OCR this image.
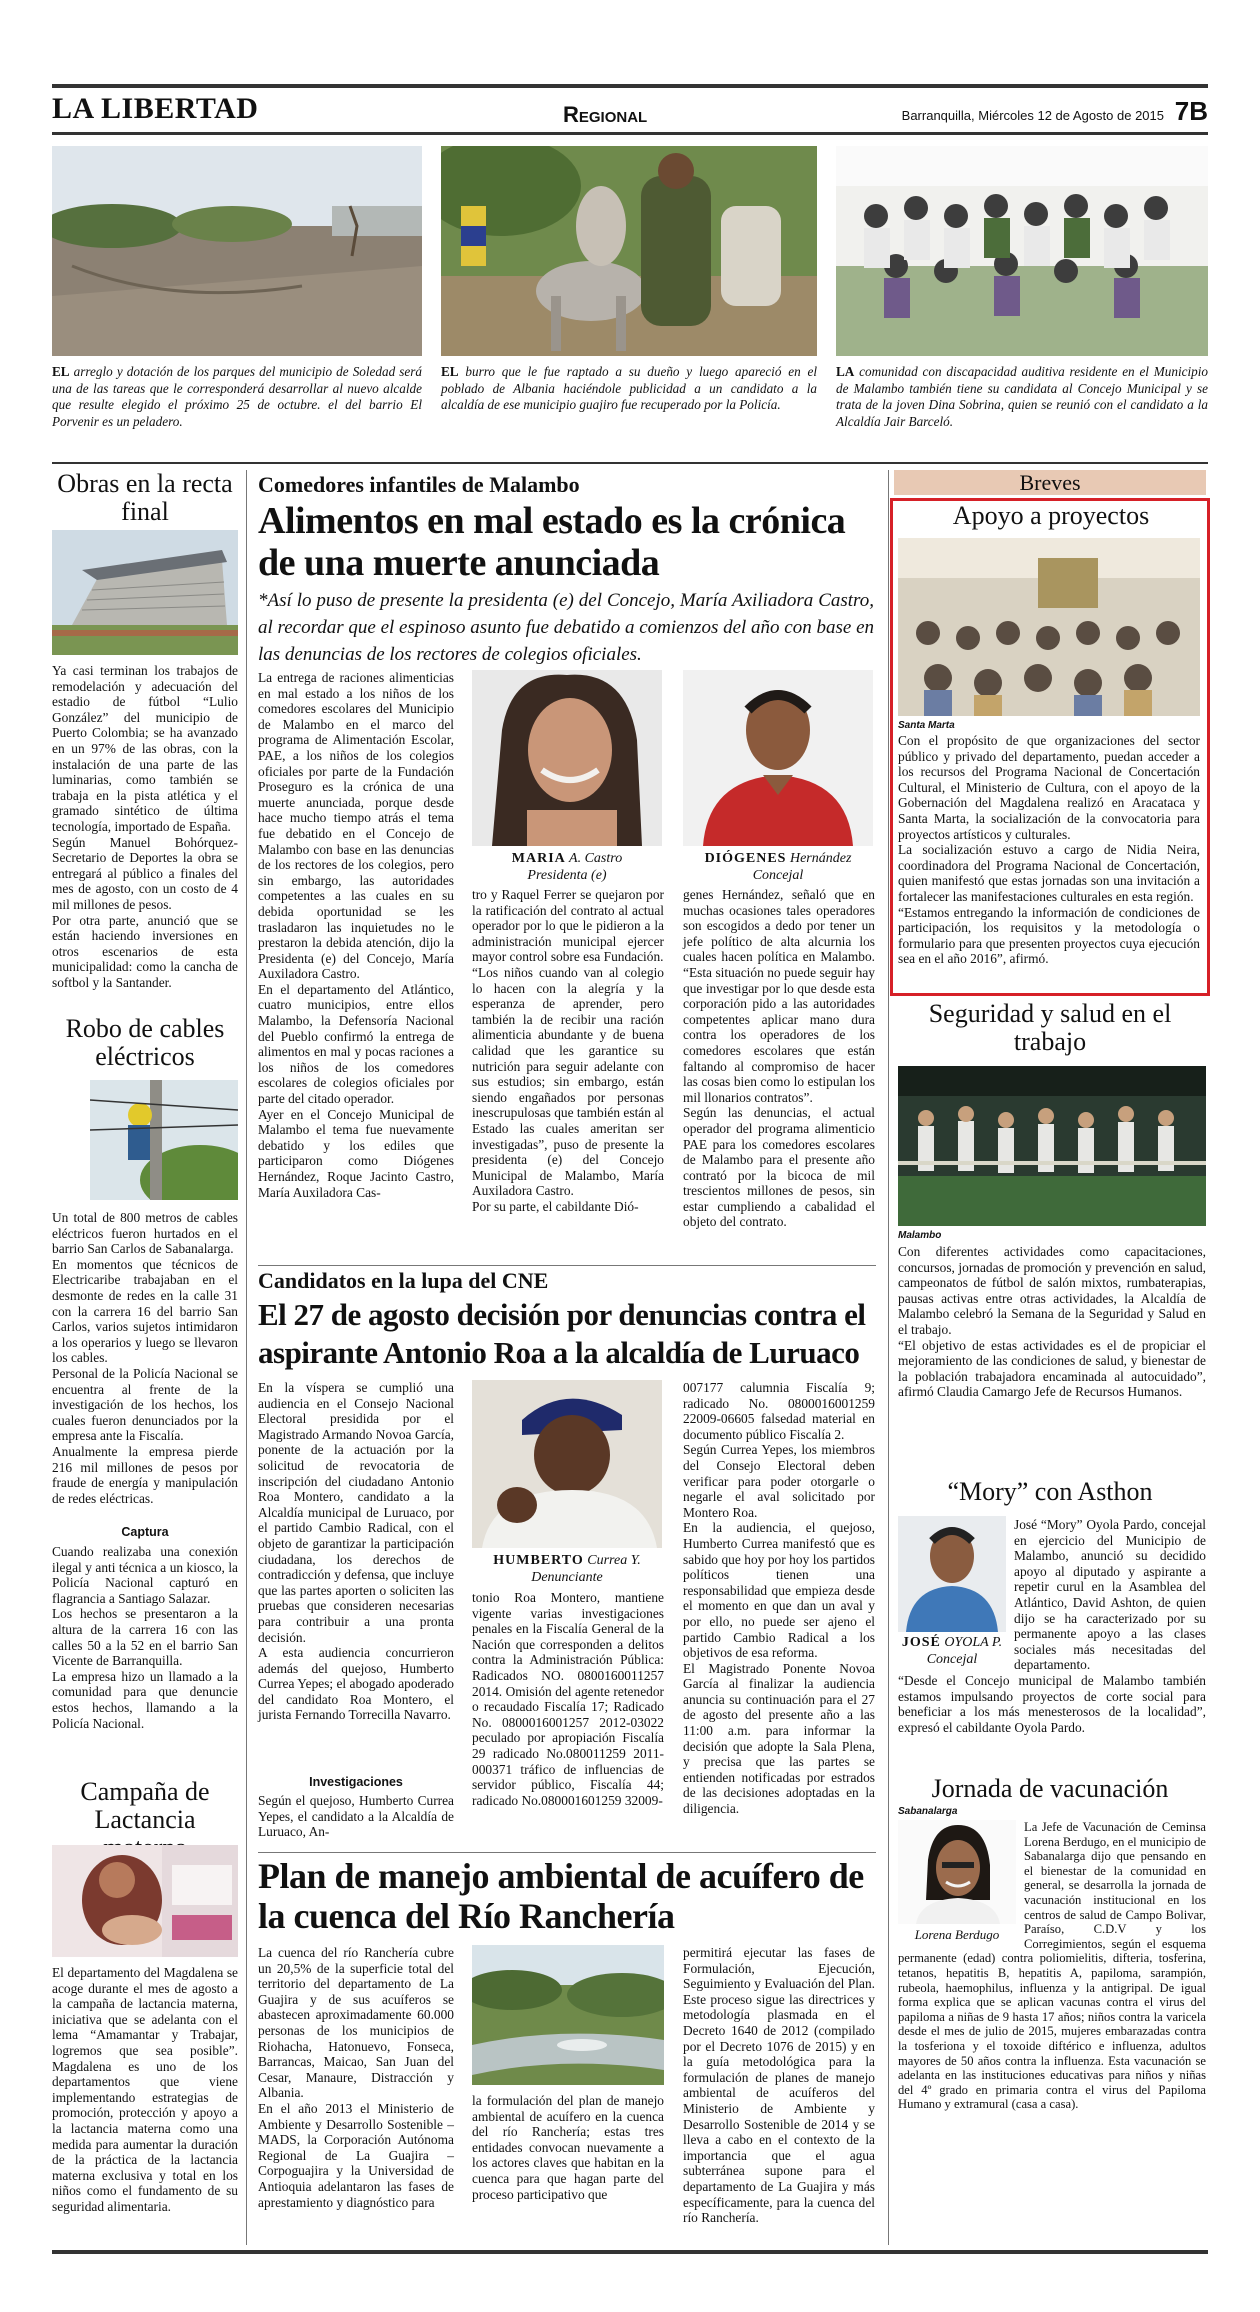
LA LIBERTAD	Regional	Barranquilla, Miércoles 12 de Agosto de 2015 7B
EL arreglo y dotación de los parques del municipio de Soledad será una de las tareas que le corresponderá desarrollar al nuevo alcalde que resulte elegido el próximo 25 de octubre. el del barrio El Porvenir es un peladero.
EL burro que le fue raptado a su dueño y luego apareció en el poblado de Albania haciéndole publicidad a un candidato a la alcaldía de ese municipio guajiro fue recuperado por la Policía.
LA comunidad con discapacidad auditiva residente en el Municipio de Malambo también tiene su candidata al Concejo Municipal y se trata de la joven Dina Sobrina, quien se reunió con el candidato a la Alcaldía Jair Barceló.
Obras en la recta final
Ya casi terminan los trabajos de remodelación y adecuación del estadio de fútbol “Lulio González” del municipio de Puerto Colombia; se ha avanzado en un 97% de las obras, con la instalación de una parte de las luminarias, como también se trabaja en la pista atlética y el gramado sintético de última tecnología, importado de España.
Según Manuel Bohórquez- Secretario de Deportes la obra se entregará al público a finales del mes de agosto, con un costo de 4 mil millones de pesos.
Por otra parte, anunció que se están haciendo inversiones en otros escenarios de esta municipalidad: como la cancha de softbol y la Santander.
Robo de cables eléctricos
Un total de 800 metros de cables eléctricos fueron hurtados en el barrio San Carlos de Sabanalarga.
En momentos que técnicos de Electricaribe trabajaban en el desmonte de redes en la calle 31 con la carrera 16 del barrio San Carlos, varios sujetos intimidaron a los operarios y luego se llevaron los cables.
Personal de la Policía Nacional se encuentra al frente de la investigación de los hechos, los cuales fueron denunciados por la empresa ante la Fiscalía.
Anualmente la empresa pierde 216 mil millones de pesos por fraude de energía y manipulación de redes eléctricas.
Captura
Cuando realizaba una conexión ilegal y anti técnica a un kiosco, la Policía Nacional capturó en flagrancia a Santiago Salazar.
Los hechos se presentaron a la altura de la carrera 16 con las calles 50 a la 52 en el barrio San Vicente de Barranquilla.
La empresa hizo un llamado a la comunidad para que denuncie estos hechos, llamando a la Policía Nacional.
Campaña de Lactancia
El departamento del Magdalena se acoge durante el mes de agosto a la campaña de lactancia materna, iniciativa que se adelanta con el lema “Amamantar y Trabajar, logremos que sea posible”. Magdalena es uno de los departamentos que viene implementando estrategias de promoción, protección y apoyo a la lactancia materna como una medida para aumentar la duración de la práctica de la lactancia materna exclusiva y total en los niños como el fundamento de su seguridad alimentaria.
Comedores infantiles de Malambo
Alimentos en mal estado es la crónica de una muerte anunciada
*Así lo puso de presente la presidenta (e) del Concejo, María Axiliadora Castro, al recordar que el espinoso asunto fue debatido a comienzos del año con base en las denuncias de los rectores de colegios oficiales.
La entrega de raciones alimenticias en mal estado a los niños de los comedores escolares del Municipio de Malambo en el marco del programa de Alimentación Escolar, PAE, a los niños de los colegios oficiales por parte de la Fundación Proseguro es la crónica de una muerte anunciada, porque desde hace mucho tiempo atrás el tema fue debatido en el Concejo de Malambo con base en las denuncias de los rectores de los colegios, pero sin embargo, las autoridades competentes a las cuales en su debida oportunidad se les trasladaron las inquietudes no le prestaron la debida atención, dijo la Presidenta (e) del Concejo, María Auxiladora Castro.
En el departamento del Atlántico, cuatro municipios, entre ellos Malambo, la Defensoría Nacional del Pueblo confirmó la entrega de alimentos en mal y pocas raciones a los niños de los comedores escolares de colegios oficiales por parte del citado operador.
Ayer en el Concejo Municipal de Malambo el tema fue nuevamente debatido y los ediles que participaron como Diógenes Hernández, Roque Jacinto Castro, María Auxiladora Cas-
MARIA A. Castro
Presidenta (e)
tro y Raquel Ferrer se quejaron por la ratificación del contrato al actual operador por lo que le pidieron a la administración municipal ejercer mayor control sobre esa Fundación.
“Los niños cuando van al colegio lo hacen con la alegría y la esperanza de aprender, pero también la de recibir una ración alimenticia abundante y de buena calidad que les garantice su nutrición para seguir adelante con sus estudios; sin embargo, están siendo engañados por personas inescrupulosas que también están al Estado las cuales ameritan ser investigadas”, puso de presente la presidenta (e) del Concejo Municipal de Malambo, María Auxiladora Castro.
Por su parte, el cabildante Dió-
DIÓGENES Hernández
Concejal
genes Hernández, señaló que en muchas ocasiones tales operadores son escogidos a dedo por tener un jefe político de alta alcurnia los cuales hacen política en Malambo. “Esta situación no puede seguir hay que investigar por lo que desde esta corporación pido a las autoridades competentes aplicar mano dura contra los operadores de los comedores escolares que están faltando al compromiso de hacer las cosas bien como lo estipulan los mil llonarios contratos”.
Según las denuncias, el actual operador del programa alimenticio PAE para los comedores escolares de Malambo para el presente año contrató por la bicoca de mil trescientos millones de pesos, sin estar cumpliendo a cabalidad el objeto del contrato.
Candidatos en la lupa del CNE
El 27 de agosto decisión por denuncias contra el aspirante Antonio Roa a la alcaldía de Luruaco
En la víspera se cumplió una audiencia en el Consejo Nacional Electoral presidida por el Magistrado Armando Novoa García, ponente de la actuación por la solicitud de revocatoria de inscripción del ciudadano Antonio Roa Montero, candidato a la Alcaldía municipal de Luruaco, por el partido Cambio Radical, con el objeto de garantizar la participación ciudadana, los derechos de contradicción y defensa, que incluye que las partes aporten o soliciten las pruebas que consideren necesarias para contribuir a una pronta decisión.
A esta audiencia concurrieron además del quejoso, Humberto Currea Yepes; el abogado apoderado del candidato Roa Montero, el jurista Fernando Torrecilla Navarro.
Investigaciones
Según el quejoso, Humberto Currea Yepes, el candidato a la Alcaldía de Luruaco, An-
HUMBERTO Currea Y.
Denunciante
tonio Roa Montero, mantiene vigente varias investigaciones penales en la Fiscalía General de la Nación que corresponden a delitos contra la Administración Pública: Radicados NO. 0800160011257 2014. Omisión del agente retenedor o recaudado Fiscalía 17; Radicado No. 0800016001257 2012-03022 peculado por apropiación Fiscalía 29 radicado No.080011259 2011-000371 tráfico de influencias de servidor público, Fiscalía 44; radicado No.080001601259 32009-
007177 calumnia Fiscalía 9; radicado No. 0800016001259 22009-06605 falsedad material en documento público Fiscalía 2.
Según Currea Yepes, los miembros del Consejo Electoral deben verificar para poder otorgarle o negarle el aval solicitado por Montero Roa.
En la audiencia, el quejoso, Humberto Currea manifestó que es sabido que hoy por hoy los partidos políticos tienen una responsabilidad que empieza desde el momento en que dan un aval y por ello, no puede ser ajeno el partido Cambio Radical a los objetivos de esa reforma.
El Magistrado Ponente Novoa García al finalizar la audiencia anuncia su continuación para el 27 de agosto del presente año a las 11:00 a.m. para informar la decisión que adopte la Sala Plena, y precisa que las partes se entienden notificadas por estrados de las decisiones adoptadas en la diligencia.
Plan de manejo ambiental de acuífero de la cuenca del Río Ranchería
La cuenca del río Ranchería cubre un 20,5% de la superficie total del territorio del departamento de La Guajira y de sus acuíferos se abastecen aproximadamente 60.000 personas de los municipios de Riohacha, Hatonuevo, Fonseca, Barrancas, Maicao, San Juan del Cesar, Manaure, Distracción y Albania.
En el año 2013 el Ministerio de Ambiente y Desarrollo Sostenible – MADS, la Corporación Autónoma Regional de La Guajira – Corpoguajira y la Universidad de Antioquia adelantaron las fases de aprestamiento y diagnóstico para
la formulación del plan de manejo ambiental de acuífero en la cuenca del río Ranchería; estas tres entidades convocan nuevamente a los actores claves que habitan en la cuenca para que hagan parte del proceso participativo que
permitirá ejecutar las fases de Formulación, Ejecución, Seguimiento y Evaluación del Plan. Este proceso sigue las directrices y metodología plasmada en el Decreto 1640 de 2012 (compilado por el Decreto 1076 de 2015) y en la guía metodológica para la formulación de planes de manejo ambiental de acuíferos del Ministerio de Ambiente y Desarrollo Sostenible de 2014 y se lleva a cabo en el contexto de la importancia que el agua subterránea supone para el departamento de La Guajira y más específicamente, para la cuenca del río Ranchería.
Breves
Apoyo a proyectos
Santa Marta
Con el propósito de que organizaciones del sector público y privado del departamento, puedan acceder a los recursos del Programa Nacional de Concertación Cultural, el Ministerio de Cultura, con el apoyo de la Gobernación del Magdalena realizó en Aracataca y Santa Marta, la socialización de la convocatoria para proyectos artísticos y culturales.
La socialización estuvo a cargo de Nidia Neira, coordinadora del Programa Nacional de Concertación, quien manifestó que estas jornadas son una invitación a fortalecer las manifestaciones culturales en esta región.
“Estamos entregando la información de condiciones de participación, los requisitos y la metodología o formulario para que presenten proyectos cuya ejecución sea en el año 2016”, afirmó.
Seguridad y salud en el trabajo
Malambo
Con diferentes actividades como capacitaciones, concursos, jornadas de promoción y prevención en salud, campeonatos de fútbol de salón mixtos, rumbaterapias, pausas activas entre otras actividades, la Alcaldía de Malambo celebró la Semana de la Seguridad y Salud en el trabajo.
“El objetivo de estas actividades es el de propiciar el mejoramiento de las condiciones de salud, y bienestar de la población trabajadora encaminada al autocuidado”, afirmó Claudia Camargo Jefe de Recursos Humanos.
“Mory” con Asthon
JOSÉ OYOLA P.
Concejal
José “Mory” Oyola Pardo, concejal en ejercicio del Municipio de Malambo, anunció su decidido apoyo al diputado y aspirante a repetir curul en la Asamblea del Atlántico, David Ashton, de quien dijo se ha caracterizado por su permanente apoyo a las clases sociales más necesitadas del departamento.
“Desde el Concejo municipal de Malambo también estamos impulsando proyectos de corte social para beneficiar a los más menesterosos de la localidad”, expresó el cabildante Oyola Pardo.
Jornada de vacunación
Sabanalarga
Lorena Berdugo
La Jefe de Vacunación de Ceminsa Lorena Berdugo, en el municipio de Sabanalarga dijo que pensando en el bienestar de la comunidad en general, se desarrolla la jornada de vacunación institucional en los centros de salud de Campo Bolivar, Paraíso, C.D.V y los Corregimientos, según el esquema permanente (edad) contra poliomielitis, difteria, tosferina, tetanos, hepatitis B, hepatitis A, papiloma, sarampión, rubeola, haemophilus, influenza y la antigripal. De igual forma explica que se aplican vacunas contra el virus del papiloma a niñas de 9 hasta 17 años; niños contra la varicela desde el mes de julio de 2015, mujeres embarazadas contra la tosferiona y el toxoide diftérico e influenza, adultos mayores de 50 años contra la influenza. Esta vacunación se adelanta en las instituciones educativas para niños y niñas del 4º grado en primaria contra el virus del Papiloma Humano y extramural (casa a casa).
